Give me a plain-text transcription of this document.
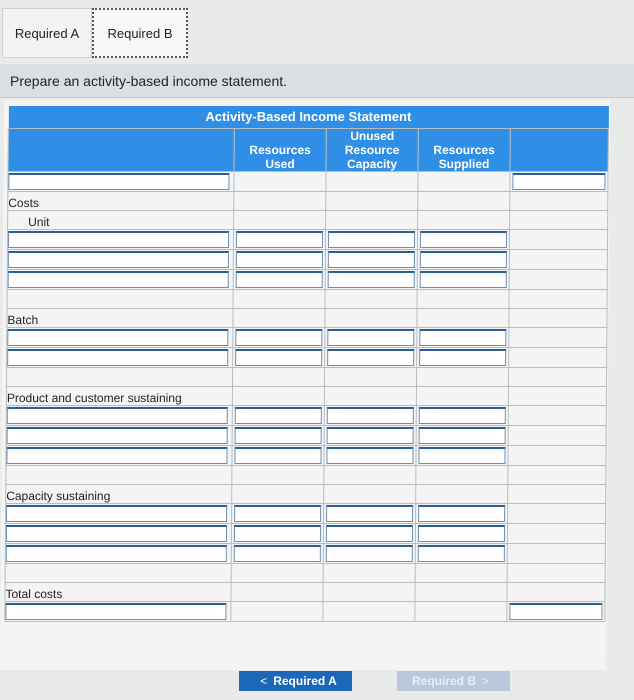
Required A	Required B
Prepare an activity-based income statement.
Activity-Based Income Statement				
	Resources Used	Unused Resource Capacity	Resources Supplied	

Costs				
Unit				

Batch				

Product and customer sustaining				

Capacity sustaining				

Total costs				

< Required A	Required B >
